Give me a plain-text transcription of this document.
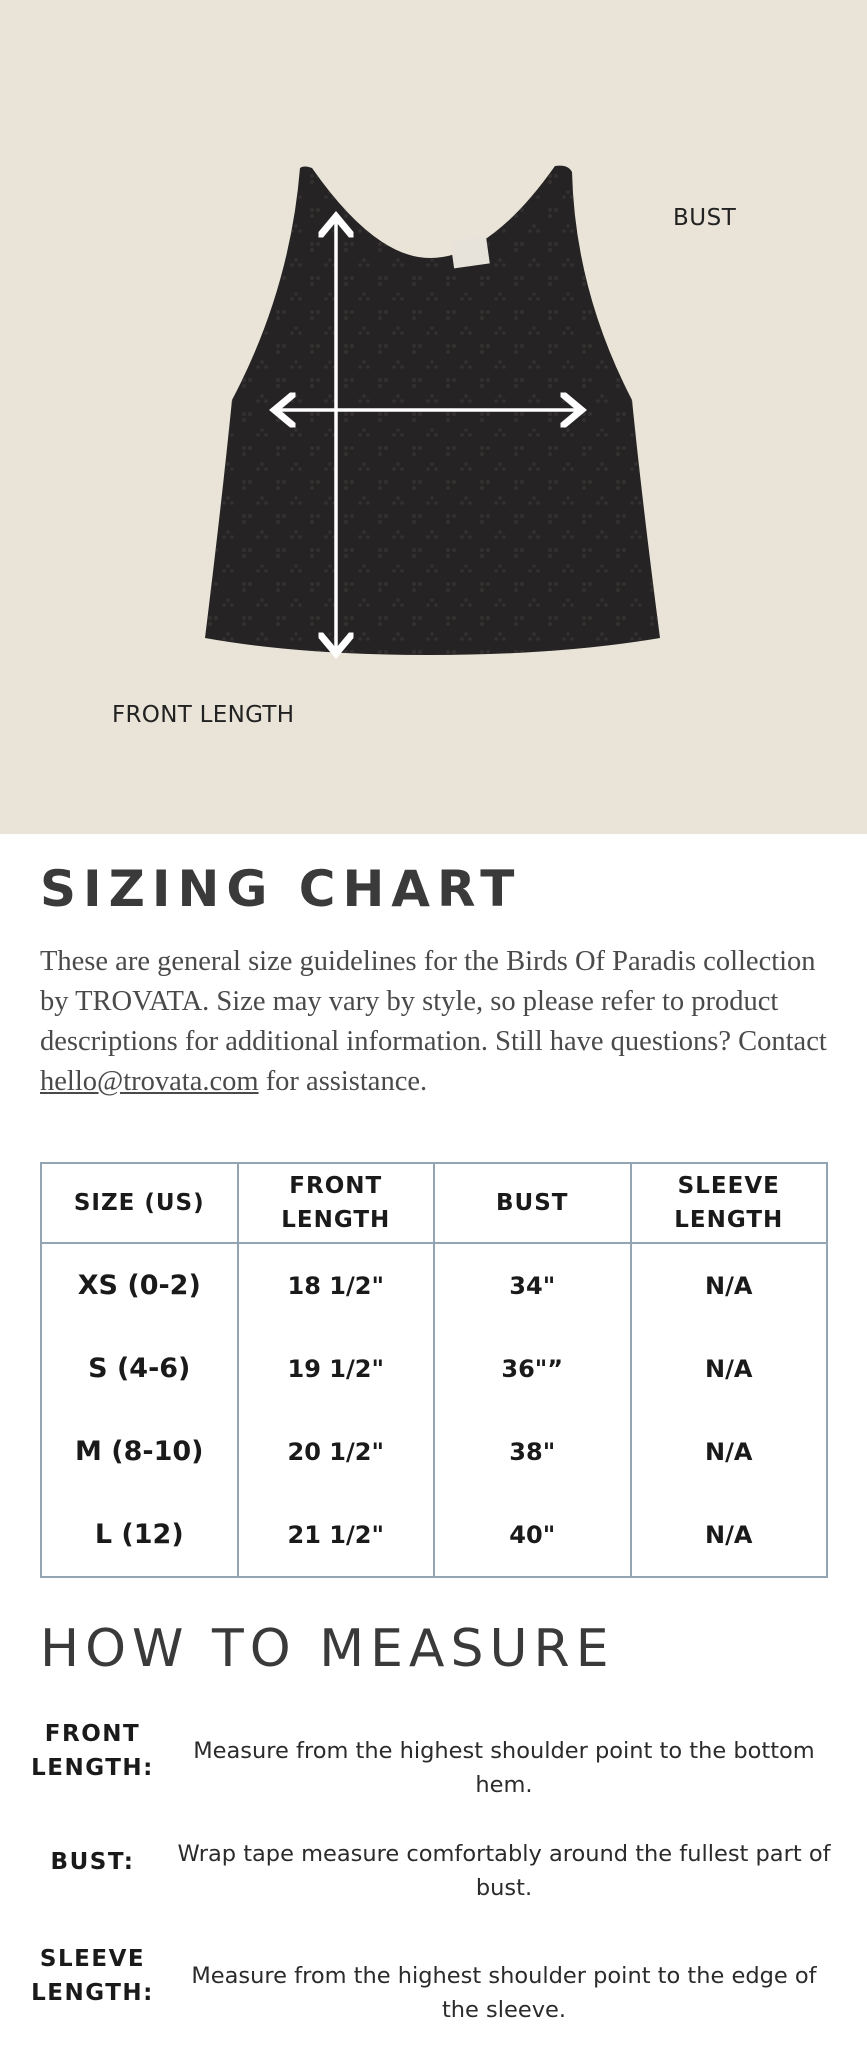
BUST
FRONT LENGTH
SIZING CHART

These are general size guidelines for the Birds Of Paradis collection by TROVATA. Size may vary by style, so please refer to product descriptions for additional information. Still have questions? Contact hello@trovata.com for assistance.

SIZE (US)	FRONT LENGTH	BUST	SLEEVE LENGTH
XS (0-2)	18 1/2"	34"	N/A
S (4-6)	19 1/2"	36"”	N/A
M (8-10)	20 1/2"	38"	N/A
L (12)	21 1/2"	40"	N/A
HOW TO MEASURE
FRONT LENGTH:
Measure from the highest shoulder point to the bottom hem.
BUST:	Wrap tape measure comfortably around the fullest part of bust.
SLEEVE LENGTH:
Measure from the highest shoulder point to the edge of the sleeve.
